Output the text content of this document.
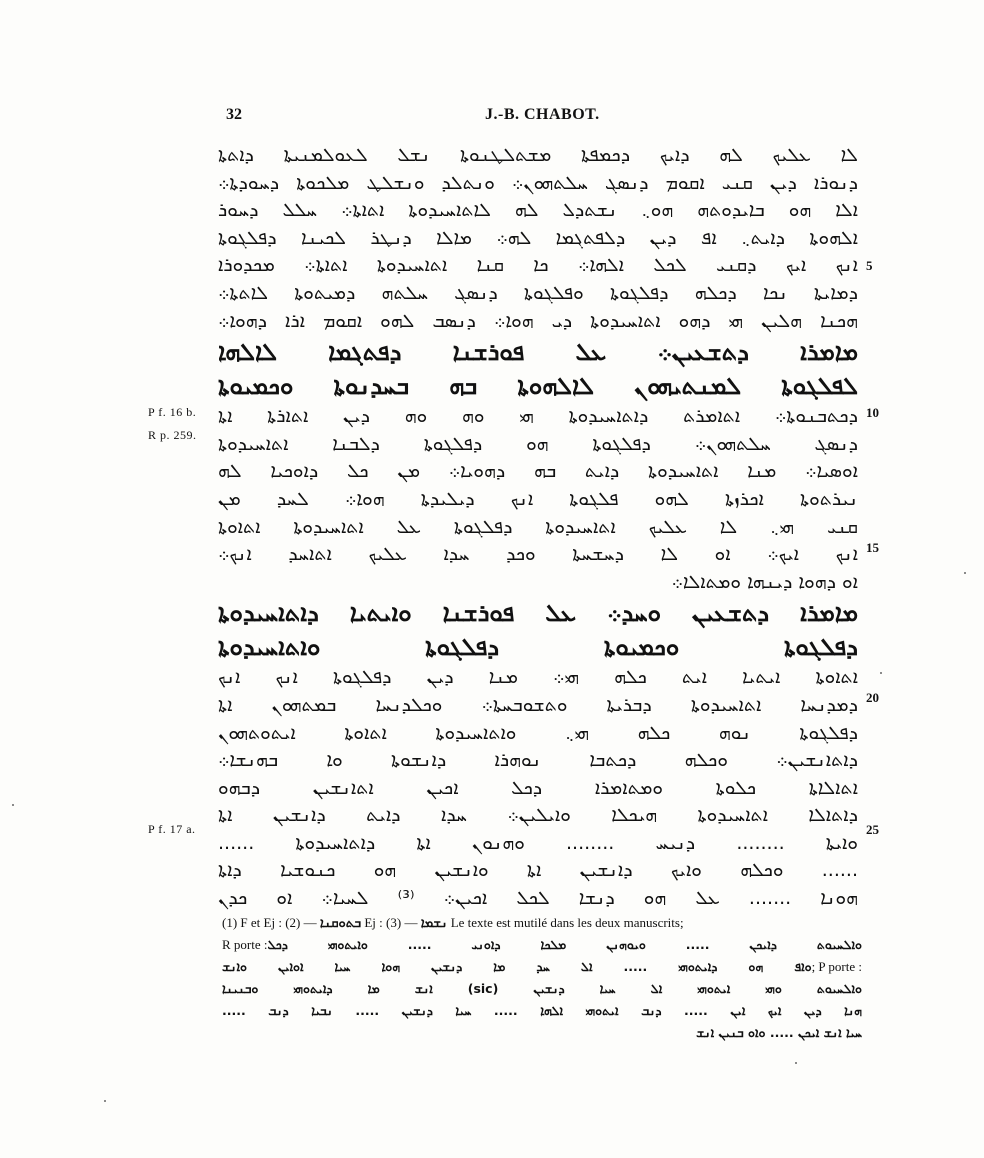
32	J.-B. CHABOT.
P f. 16 b.
R p. 259.
P f. 17 a.
ܠܐ ܥܠܝܟ ܠܗ ܕܐܝܟ ܕܟܡܦܬܐ ܡܫܬܠܛܢܘܬܐ ܢܫܠ ܠܥܘܠܡܢܝܬܐ ܕܐܬܬܐ
ܕܢܘܪܐ ܕܝܢ ܩܢܝ ܐܩܘܡ ܕܢܣܓ ܚܠܬܗܘܢ܀ ܘܢܬܠܕ ܘܢܫܠܛ ܡܠܟܘܬܐ ܕܚܘܕܬܐ܀
ܐܠܐ ܗܘ ܒܐܝܕܘܬܗ ܗܘ܆ ܢܫܬܕܠ ܠܗ ܠܐܬܐܚܝܕܘܬܐ ܐܬܐܬܐ܀ ܚܠܠ ܕܚܘܪ
ܐܠܗܘܬܐ ܕܐܝܬ܆ ܐܦ ܕܝܢ ܕܠܦܬܓܡܐ ܠܗ܀ ܡܐܠܐ ܕܢܛܪ ܠܟܝܢܐ ܕܦܠܓܘܬܐ
ܐܢܟ ܐܝܟ ܕܩܢܝ ܠܟܠ ܐܠܗܐ܀ ܟܐ ܩܢܐ ܐܬܐܚܝܕܘܬܐ ܐܬܐܬܐ܀ ܡܟܕܘܪܐ
ܕܡܐܝܬܐ ܢܟܐ ܕܟܠܗ ܕܦܠܓܘܬܐ ܘܦܠܓܘܬܐ ܕܢܣܓ ܚܠܬܗ ܕܡܝܬܘܬܐ ܠܐܬܬܐ܀
ܗܟܢܐ ܗܠܝܢ ܗܝ ܕܗܘ ܐܬܐܚܝܕܘܬܐ ܕܝ ܗܘܐ܀ ܕܢܣܒ ܠܗܘ ܐܩܘܡ ܐܪܐ ܕܗܘܐ܀
ܡܐܡܪܐ ܕܬܫܥܝܢ܀ ܥܠ ܦܘܪܫܢܐ ܕܦܬܓܡܐ ܠܐܠܗܐ
ܠܦܠܓܘܬܐ ܠܡܢܬܝܗܘܢ ܠܐܠܗܘܬܐ ܒܗ ܒܚܕܢܘܬܐ ܘܟܡܝܘܬܐ
ܕܟܬܒܢܘܬܐ܀ ܐܬܐܡܪܬ ܕܐܬܐܚܝܕܘܬܐ ܗܝ ܘܗ ܘܗ ܕܝܢ ܐܬܐܪܬܐ ܐܬܐ
ܕܢܣܓ ܚܠܬܗܘܢ܀ ܕܦܠܓܘܬܐ ܗܘ ܕܦܠܓܘܬܐ ܕܠܒܢܐ ܐܬܐܚܝܕܘܬܐ
ܐܘܣܝܐ܀ ܡܢܐ ܐܬܐܚܝܕܘܬܐ ܕܐܝܬ ܒܗ ܕܗܘܝܐ܀ ܡܢ ܟܠ ܕܐܘܟܝܐ ܠܗ
ܢܝܪܬܘܬܐ ܐܟܪܙܬܐ ܠܗܘ ܦܠܓܘܬܐ ܐܢܟ ܕܝܠܝܕܬܐ ܗܘܐ܀ ܠܚܕ ܡܢ
ܩܢܝ ܗܝ܆ ܠܐ ܥܠܝܟ ܐܬܐܚܝܕܘܬܐ ܕܦܠܓܘܬܐ ܥܠ ܐܬܐܚܝܕܘܬܐ ܐܬܐܘܬܐ
ܐܢܟ ܐܝܟ܀ ܐܘ ܠܐ ܕܚܫܚܬܐ ܘܟܕ ܚܕܐ ܥܠܝܟ ܐܬܐܚܕ ܐܢܟ܀
ܐܘ ܕܗܘܐ ܕܝܢܗܐ ܘܡܬܐܠܐ܀
ܡܐܡܪܐ ܕܬܫܥܝܢ ܘܚܕ܀ ܥܠ ܦܘܪܫܢܐ ܘܐܝܬܝܐ ܕܐܬܐܚܝܕܘܬܐ
ܕܦܠܓܘܬܐ ܘܟܡܝܘܬܐ ܕܦܠܓܘܬܐ ܘܐܬܐܚܝܕܘܬܐ
ܐܬܐܘܬܐ ܐܝܬܝܐ ܐܝܬ ܟܠܗ ܗܝ܀ ܡܢܐ ܕܝܢ ܕܦܠܓܘܬܐ ܐܢܟ ܐܢܟ
ܕܡܕܢܚܐ ܐܬܐܚܝܕܘܬܐ ܕܒܪܝܬܐ ܘܬܫܘܒܚܬܐ܀ ܘܟܠܕܢܚܐ ܒܡܬܗܘܢ ܐܬܐ
ܕܦܠܓܘܬܐ ܢܘܗ ܟܠܗ ܗܝ܆ ܘܐܬܐܚܝܕܘܬܐ ܐܬܐܘܬܐ ܐܝܬܘܬܗܘܢ
ܕܐܬܐܢܫܝܢ܀ ܘܟܠܗ ܕܟܬܒܐ ܢܘܗܪܐ ܕܐܢܫܘܬܐ ܘܐ ܒܗܢܫܐ܀
ܐܬܐܠܐܬܐ ܟܠܘܬܐ ܘܡܬܐܡܪܐ ܕܟܠ ܐܟܝܢ ܐܬܐܢܫܝܢ ܕܒܗܘ
ܕܐܬܐܠܐ ܐܬܐܚܝܕܘܬܐ ܗܝܟܠܐ ܘܐܝܠܝܢ܀ ܚܕܐ ܕܐܝܬ ܕܐܢܫܝܢ ܐܬܐ
ܘܐܝܬܐ ........ ܕܢܝܚ ........ ܘܗܢܘܢ ܐܬܐ ܕܐܬܐܚܝܕܘܬܐ ......
...... ܘܟܠܗ ܘܐܝܟ ܕܐܢܫܝܢ ܐܬܐ ܘܐܢܫܝܢ ܗܘ ܟܢܘܫܝܐ ܕܐܬܐ
ܗܘܢܐ ....... ܥܠ ܗܘ ܕܢܫܐ ܠܟܠ ܐܟܝܢ܀ ⁽³⁾ ܠܚܝܐ܀ ܐܘ ܟܕܢ
5
10
15
20
25
(1) F et Ej :	ܒܬܘܩܢܐ — (2) Ej :	ܢܫܡܐ — (3) Le texte est mutilé dans les deux manuscrits;
R porte : ܘܐܠܚܝܘܬ ܕܐܝܟܢ ..... ܘܝܘܗܢܢ ܡܠܟܐ ܕܐܘܢܝ ..... ܘܐܝܬܘܗܝ ܕܟܠ
ܘܐܦ ܗܘ ܕܐܝܬܘܗܝ ..... ܐܠ ܚܕ ܡܐ ܕܢܫܝܢ ܗܘܐ ܚܝܐ ܐܘܐܝܢ ܘܐܢܫ ; P porte :
ܘܐܠܚܝܘܬ ܘܗܝ ܐܝܬܘܗܝ ܐܠ ܚܝܐ ܕܢܫܝܢ (sic) ܐܢܫ ܡܐ ܕܐܝܬܘܗܝ ܘܒܢܝܢܐ
ܗܢܐ ܕܝܢ ܐܝܟ ܐܝܢ ..... ܕܢܒ ܐܝܬܘܗܝ ܐܠܗܐ ..... ܚܝܐ ܕܢܫܝܢ ..... ܢܒܝܐ ܕܢܒ .....
ܚܝܐ ܐܢܫ ܐܝܟܢ ..... ܘܐܘ ܒܢܝܢ ܐܢܫ
